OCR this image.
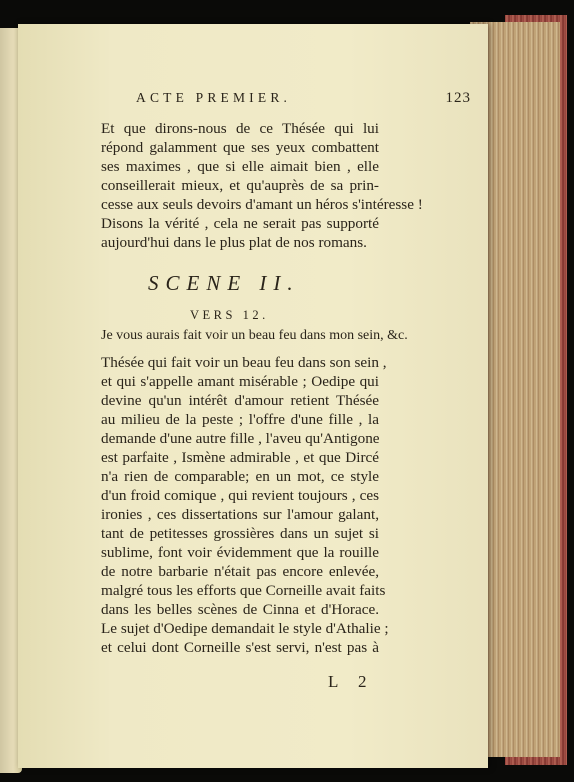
ACTE PREMIER.	123
Et que dirons-nous de ce Thésée qui lui
répond galamment que ses yeux combattent
ses maximes , que si elle aimait bien , elle
conseillerait mieux, et qu'auprès de sa prin-
cesse aux seuls devoirs d'amant un héros s'intéresse !
Disons la vérité , cela ne serait pas supporté
aujourd'hui dans le plus plat de nos romans.
SCENE II.
VERS 12.
Je vous aurais fait voir un beau feu dans mon sein, &c.
Thésée qui fait voir un beau feu dans son sein ,
et qui s'appelle amant misérable ; Oedipe qui
devine qu'un intérêt d'amour retient Thésée
au milieu de la peste ; l'offre d'une fille , la
demande d'une autre fille , l'aveu qu'Antigone
est parfaite , Ismène admirable , et que Dircé
n'a rien de comparable; en un mot, ce style
d'un froid comique , qui revient toujours , ces
ironies , ces dissertations sur l'amour galant,
tant de petitesses grossières dans un sujet si
sublime, font voir évidemment que la rouille
de notre barbarie n'était pas encore enlevée,
malgré tous les efforts que Corneille avait faits
dans les belles scènes de Cinna et d'Horace.
Le sujet d'Oedipe demandait le style d'Athalie ;
et celui dont Corneille s'est servi, n'est pas à
L 2
